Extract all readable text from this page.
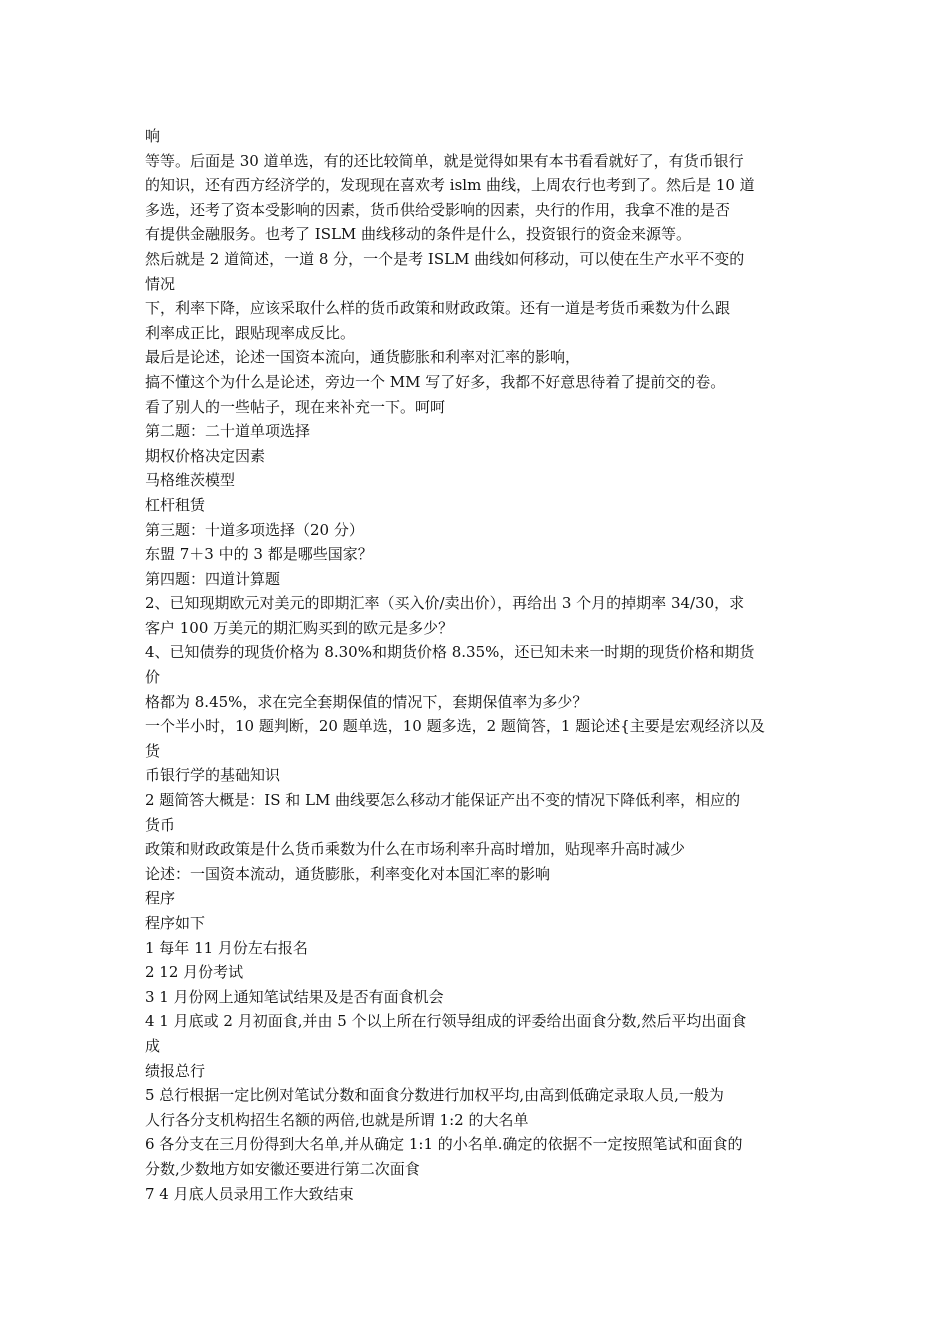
响
等等。后面是 30 道单选，有的还比较简单，就是觉得如果有本书看看就好了，有货币银行
的知识，还有西方经济学的，发现现在喜欢考 islm 曲线，上周农行也考到了。然后是 10 道
多选，还考了资本受影响的因素，货币供给受影响的因素，央行的作用，我拿不准的是否
有提供金融服务。也考了 ISLM 曲线移动的条件是什么，投资银行的资金来源等。
然后就是 2 道简述，一道 8 分，一个是考 ISLM 曲线如何移动，可以使在生产水平不变的
情况
下，利率下降，应该采取什么样的货币政策和财政政策。还有一道是考货币乘数为什么跟
利率成正比，跟贴现率成反比。
最后是论述，论述一国资本流向，通货膨胀和利率对汇率的影响，
搞不懂这个为什么是论述，旁边一个 MM 写了好多，我都不好意思待着了提前交的卷。
看了别人的一些帖子，现在来补充一下。呵呵
第二题：二十道单项选择
期权价格决定因素
马格维茨模型
杠杆租赁
第三题：十道多项选择（20 分）
东盟 7＋3 中的 3 都是哪些国家？
第四题：四道计算题
2、已知现期欧元对美元的即期汇率（买入价/卖出价），再给出 3 个月的掉期率 34/30，求
客户 100 万美元的期汇购买到的欧元是多少？
4、已知债券的现货价格为 8.30%和期货价格 8.35%，还已知未来一时期的现货价格和期货
价
格都为 8.45%，求在完全套期保值的情况下，套期保值率为多少？
一个半小时，10 题判断，20 题单选，10 题多选，2 题简答，1 题论述{主要是宏观经济以及
货
币银行学的基础知识
2 题简答大概是：IS 和 LM 曲线要怎么移动才能保证产出不变的情况下降低利率，相应的
货币
政策和财政政策是什么货币乘数为什么在市场利率升高时增加，贴现率升高时减少
论述：一国资本流动，通货膨胀，利率变化对本国汇率的影响
程序
程序如下
1 每年 11 月份左右报名
2 12 月份考试
3 1 月份网上通知笔试结果及是否有面食机会
4 1 月底或 2 月初面食,并由 5 个以上所在行领导组成的评委给出面食分数,然后平均出面食
成
绩报总行
5 总行根据一定比例对笔试分数和面食分数进行加权平均,由高到低确定录取人员,一般为
人行各分支机构招生名额的两倍,也就是所谓 1:2 的大名单
6 各分支在三月份得到大名单,并从确定 1:1 的小名单.确定的依据不一定按照笔试和面食的
分数,少数地方如安徽还要进行第二次面食
7 4 月底人员录用工作大致结束
